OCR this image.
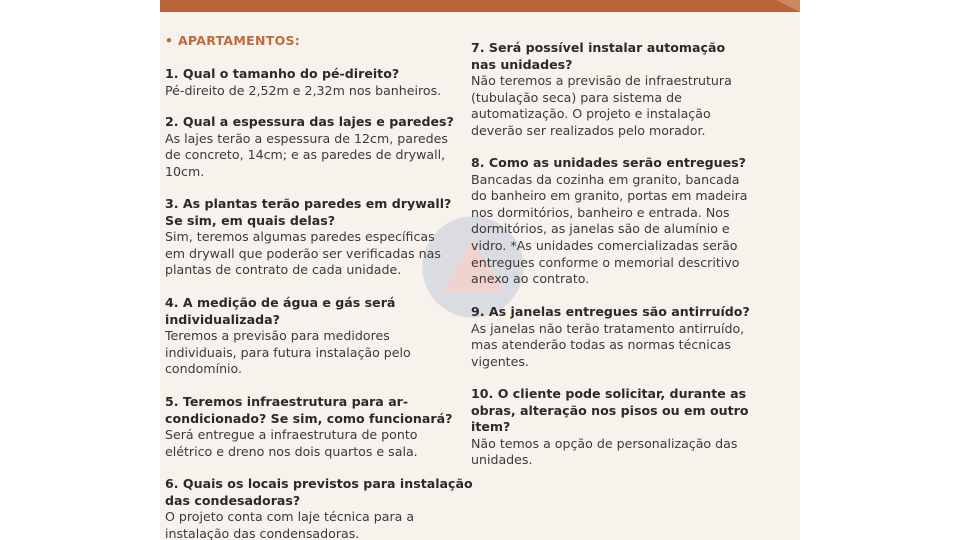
• APARTAMENTOS:
1. Qual o tamanho do pé-direito?
Pé-direito de 2,52m e 2,32m nos banheiros.
2. Qual a espessura das lajes e paredes?
As lajes terão a espessura de 12cm, paredes
de concreto, 14cm; e as paredes de drywall,
10cm.
3. As plantas terão paredes em drywall?
Se sim, em quais delas?
Sim, teremos algumas paredes específicas
em drywall que poderão ser verificadas nas
plantas de contrato de cada unidade.
4. A medição de água e gás será
individualizada?
Teremos a previsão para medidores
individuais, para futura instalação pelo
condomínio.
5. Teremos infraestrutura para ar-
condicionado? Se sim, como funcionará?
Será entregue a infraestrutura de ponto
elétrico e dreno nos dois quartos e sala.
6. Quais os locais previstos para instalação
das condesadoras?
O projeto conta com laje técnica para a
instalação das condensadoras.
7. Será possível instalar automação
nas unidades?
Não teremos a previsão de infraestrutura
(tubulação seca) para sistema de
automatização. O projeto e instalação
deverão ser realizados pelo morador.
8. Como as unidades serão entregues?
Bancadas da cozinha em granito, bancada
do banheiro em granito, portas em madeira
nos dormitórios, banheiro e entrada. Nos
dormitórios, as janelas são de alumínio e
vidro. *As unidades comercializadas serão
entregues conforme o memorial descritivo
anexo ao contrato.
9. As janelas entregues são antirruído?
As janelas não terão tratamento antirruído,
mas atenderão todas as normas técnicas
vigentes.
10. O cliente pode solicitar, durante as
obras, alteração nos pisos ou em outro
item?
Não temos a opção de personalização das
unidades.
